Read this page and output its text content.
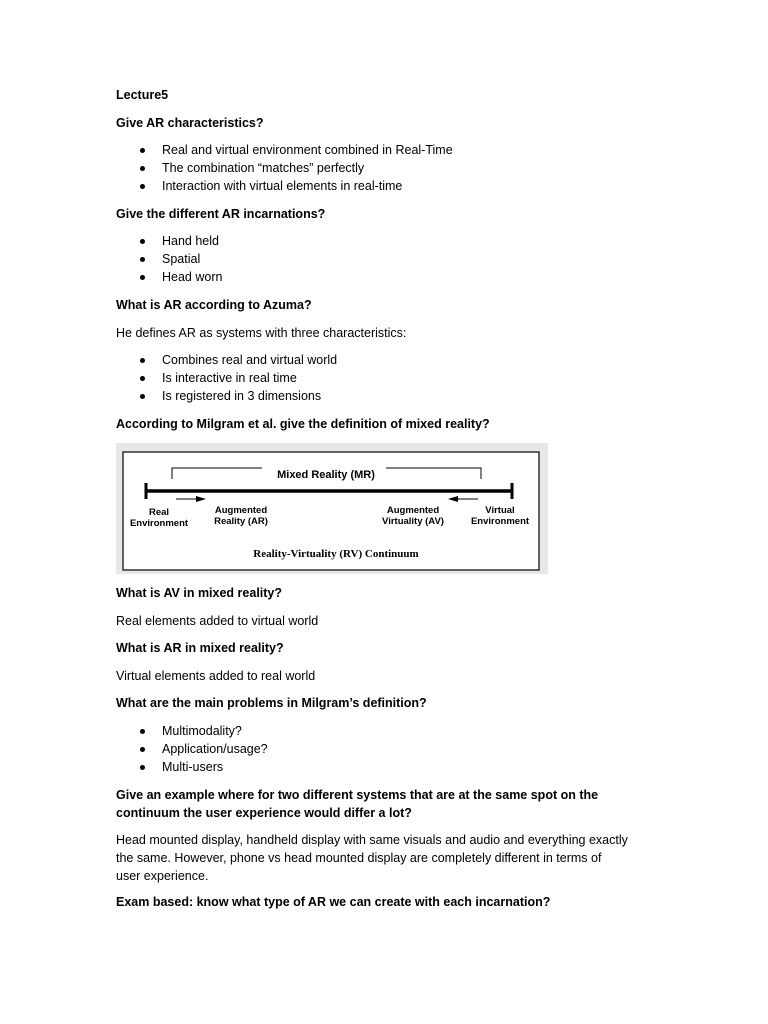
Lecture5
Give AR characteristics?
Real and virtual environment combined in Real-Time
The combination “matches” perfectly
Interaction with virtual elements in real-time
Give the different AR incarnations?
Hand held
Spatial
Head worn
What is AR according to Azuma?
He defines AR as systems with three characteristics:
Combines real and virtual world
Is interactive in real time
Is registered in 3 dimensions
According to Milgram et al. give the definition of mixed reality?
What is AV in mixed reality?
Real elements added to virtual world
What is AR in mixed reality?
Virtual elements added to real world
What are the main problems in Milgram’s definition?
Multimodality?
Application/usage?
Multi-users
Give an example where for two different systems that are at the same spot on the
continuum the user experience would differ a lot?
Head mounted display, handheld display with same visuals and audio and everything exactly
the same. However, phone vs head mounted display are completely different in terms of
user experience.
Exam based: know what type of AR we can create with each incarnation?
Mixed Reality (MR)
Real
Environment
Augmented
Reality (AR)
Augmented
Virtuality (AV)
Virtual
Environment
Reality-Virtuality (RV) Continuum
